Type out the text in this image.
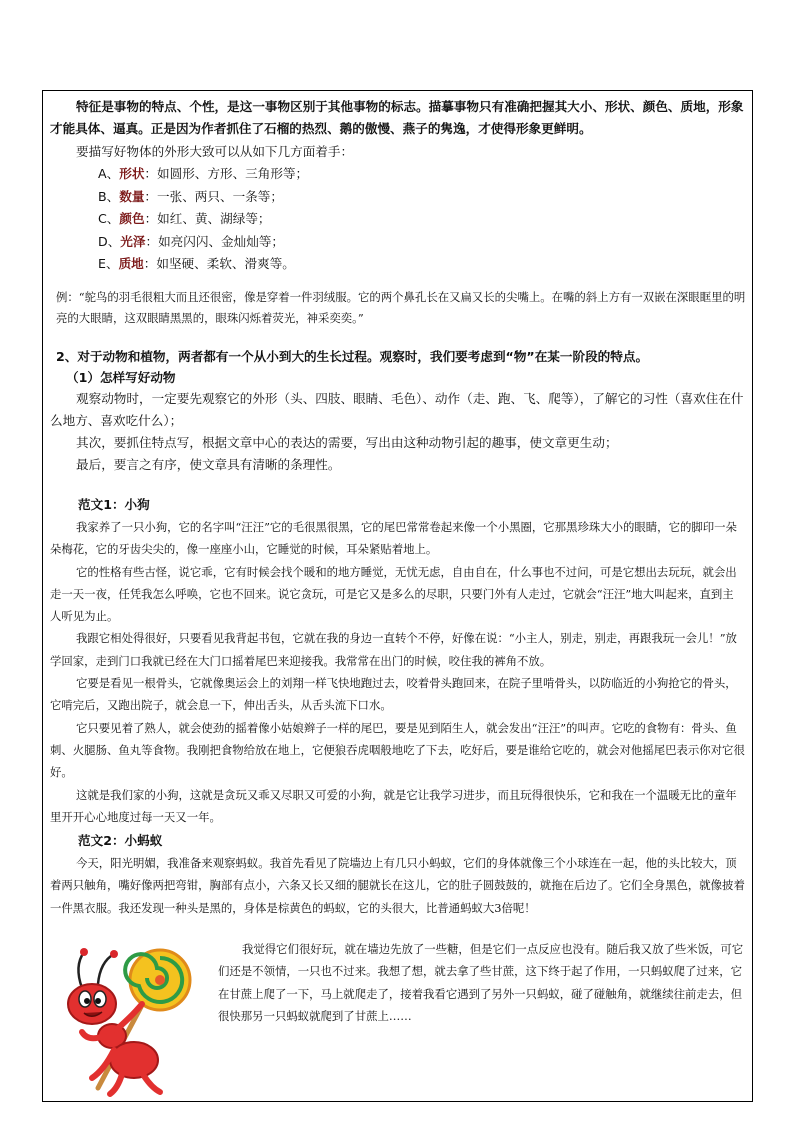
特征是事物的特点、个性，是这一事物区别于其他事物的标志。描摹事物只有准确把握其大小、形状、颜色、质地，形象才能具体、逼真。正是因为作者抓住了石榴的热烈、鹅的傲慢、燕子的隽逸，才使得形象更鲜明。

要描写好物体的外形大致可以从如下几方面着手：

A、形状：如圆形、方形、三角形等；
B、数量：一张、两只、一条等；
C、颜色：如红、黄、湖绿等；
D、光泽：如亮闪闪、金灿灿等；
E、质地：如坚硬、柔软、滑爽等。

例：“鸵鸟的羽毛很粗大而且还很密，像是穿着一件羽绒服。它的两个鼻孔长在又扁又长的尖嘴上。在嘴的斜上方有一双嵌在深眼眶里的明亮的大眼睛，这双眼睛黑黑的，眼珠闪烁着荧光，神采奕奕。”

2、对于动物和植物，两者都有一个从小到大的生长过程。观察时，我们要考虑到“物”在某一阶段的特点。

（1）怎样写好动物

观察动物时，一定要先观察它的外形（头、四肢、眼睛、毛色）、动作（走、跑、飞、爬等），了解它的习性（喜欢住在什么地方、喜欢吃什么）；

其次，要抓住特点写，根据文章中心的表达的需要，写出由这种动物引起的趣事，使文章更生动；

最后，要言之有序，使文章具有清晰的条理性。

范文1：小狗

我家养了一只小狗，它的名字叫“汪汪”它的毛很黑很黑，它的尾巴常常卷起来像一个小黑圈，它那黑珍珠大小的眼睛，它的脚印一朵朵梅花，它的牙齿尖尖的，像一座座小山，它睡觉的时候，耳朵紧贴着地上。
它的性格有些古怪，说它乖，它有时候会找个暖和的地方睡觉，无忧无虑，自由自在，什么事也不过问，可是它想出去玩玩，就会出走一天一夜，任凭我怎么呼唤，它也不回来。说它贪玩，可是它又是多么的尽职，只要门外有人走过，它就会“汪汪”地大叫起来，直到主人听见为止。
我跟它相处得很好，只要看见我背起书包，它就在我的身边一直转个不停，好像在说：“小主人，别走，别走，再跟我玩一会儿！”放学回家，走到门口我就已经在大门口摇着尾巴来迎接我。我常常在出门的时候，咬住我的裤角不放。
它要是看见一根骨头，它就像奥运会上的刘翔一样飞快地跑过去，咬着骨头跑回来，在院子里啃骨头，以防临近的小狗抢它的骨头，它啃完后，又跑出院子，就会息一下，伸出舌头，从舌头流下口水。
它只要见着了熟人，就会使劲的摇着像小姑娘辫子一样的尾巴，要是见到陌生人，就会发出“汪汪”的叫声。它吃的食物有：骨头、鱼刺、火腿肠、鱼丸等食物。我刚把食物给放在地上，它便狼吞虎咽般地吃了下去，吃好后，要是谁给它吃的，就会对他摇尾巴表示你对它很好。
这就是我们家的小狗，这就是贪玩又乖又尽职又可爱的小狗，就是它让我学习进步，而且玩得很快乐，它和我在一个温暖无比的童年里开开心心地度过每一天又一年。

范文2：小蚂蚁

今天，阳光明媚，我准备来观察蚂蚁。我首先看见了院墙边上有几只小蚂蚁，它们的身体就像三个小球连在一起，他的头比较大，顶着两只触角，嘴好像两把弯钳，胸部有点小，六条又长又细的腿就长在这儿，它的肚子圆鼓鼓的，就拖在后边了。它们全身黑色，就像披着一件黑衣服。我还发现一种头是黑的，身体是棕黄色的蚂蚁，它的头很大，比普通蚂蚁大3倍呢！

我觉得它们很好玩，就在墙边先放了一些糖，但是它们一点反应也没有。随后我又放了些米饭，可它们还是不领情，一只也不过来。我想了想，就去拿了些甘蔗，这下终于起了作用，一只蚂蚁爬了过来，它在甘蔗上爬了一下，马上就爬走了，接着我看它遇到了另外一只蚂蚁，碰了碰触角，就继续往前走去，但很快那另一只蚂蚁就爬到了甘蔗上……
